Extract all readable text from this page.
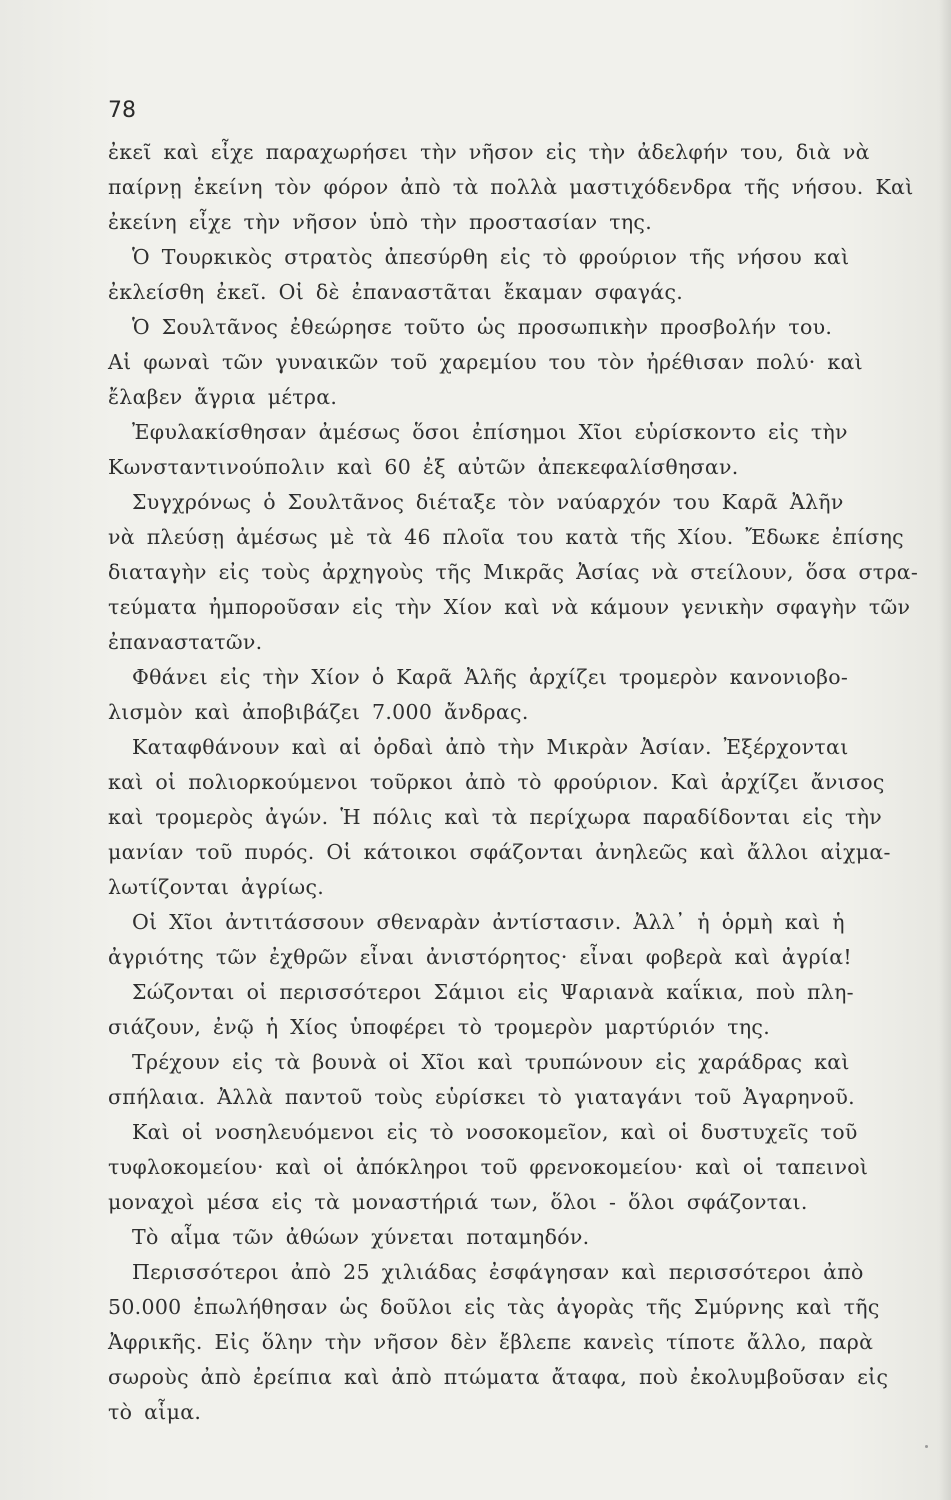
78
ἐκεῖ καὶ εἶχε παραχωρήσει τὴν νῆσον εἰς τὴν ἀδελφήν του, διὰ νὰ
παίρνῃ ἐκείνη τὸν φόρον ἀπὸ τὰ πολλὰ μαστιχόδενδρα τῆς νήσου. Καὶ
ἐκείνη εἶχε τὴν νῆσον ὑπὸ τὴν προστασίαν της.
Ὁ Τουρκικὸς στρατὸς ἀπεσύρθη εἰς τὸ φρούριον τῆς νήσου καὶ
ἐκλείσθη ἐκεῖ. Οἱ δὲ ἐπαναστᾶται ἔκαμαν σφαγάς.
Ὁ Σουλτᾶνος ἐθεώρησε τοῦτο ὡς προσωπικὴν προσβολήν του.
Αἱ φωναὶ τῶν γυναικῶν τοῦ χαρεμίου του τὸν ἠρέθισαν πολύ· καὶ
ἔλαβεν ἄγρια μέτρα.
Ἐφυλακίσθησαν ἀμέσως ὅσοι ἐπίσημοι Χῖοι εὑρίσκοντο εἰς τὴν
Κωνσταντινούπολιν καὶ 60 ἐξ αὐτῶν ἀπεκεφαλίσθησαν.
Συγχρόνως ὁ Σουλτᾶνος διέταξε τὸν ναύαρχόν του Καρᾶ Ἀλῆν
νὰ πλεύσῃ ἀμέσως μὲ τὰ 46 πλοῖα του κατὰ τῆς Χίου. Ἔδωκε ἐπίσης
διαταγὴν εἰς τοὺς ἀρχηγοὺς τῆς Μικρᾶς Ἀσίας νὰ στείλουν, ὅσα στρα-
τεύματα ἠμποροῦσαν εἰς τὴν Χίον καὶ νὰ κάμουν γενικὴν σφαγὴν τῶν
ἐπαναστατῶν.
Φθάνει εἰς τὴν Χίον ὁ Καρᾶ Ἀλῆς ἀρχίζει τρομερὸν κανονιοβο-
λισμὸν καὶ ἀποβιβάζει 7.000 ἄνδρας.
Καταφθάνουν καὶ αἱ ὀρδαὶ ἀπὸ τὴν Μικρὰν Ἀσίαν. Ἐξέρχονται
καὶ οἱ πολιορκούμενοι τοῦρκοι ἀπὸ τὸ φρούριον. Καὶ ἀρχίζει ἄνισος
καὶ τρομερὸς ἀγών. Ἡ πόλις καὶ τὰ περίχωρα παραδίδονται εἰς τὴν
μανίαν τοῦ πυρός. Οἱ κάτοικοι σφάζονται ἀνηλεῶς καὶ ἄλλοι αἰχμα-
λωτίζονται ἀγρίως.
Οἱ Χῖοι ἀντιτάσσουν σθεναρὰν ἀντίστασιν. Ἀλλ᾽ ἡ ὁρμὴ καὶ ἡ
ἀγριότης τῶν ἐχθρῶν εἶναι ἀνιστόρητος· εἶναι φοβερὰ καὶ ἀγρία!
Σώζονται οἱ περισσότεροι Σάμιοι εἰς Ψαριανὰ καΐκια, ποὺ πλη-
σιάζουν, ἐνῷ ἡ Χίος ὑποφέρει τὸ τρομερὸν μαρτύριόν της.
Τρέχουν εἰς τὰ βουνὰ οἱ Χῖοι καὶ τρυπώνουν εἰς χαράδρας καὶ
σπήλαια. Ἀλλὰ παντοῦ τοὺς εὑρίσκει τὸ γιαταγάνι τοῦ Ἀγαρηνοῦ.
Καὶ οἱ νοσηλευόμενοι εἰς τὸ νοσοκομεῖον, καὶ οἱ δυστυχεῖς τοῦ
τυφλοκομείου· καὶ οἱ ἀπόκληροι τοῦ φρενοκομείου· καὶ οἱ ταπεινοὶ
μοναχοὶ μέσα εἰς τὰ μοναστήριά των, ὅλοι - ὅλοι σφάζονται.
Τὸ αἷμα τῶν ἀθώων χύνεται ποταμηδόν.
Περισσότεροι ἀπὸ 25 χιλιάδας ἐσφάγησαν καὶ περισσότεροι ἀπὸ
50.000 ἐπωλήθησαν ὡς δοῦλοι εἰς τὰς ἀγορὰς τῆς Σμύρνης καὶ τῆς
Ἀφρικῆς. Εἰς ὅλην τὴν νῆσον δὲν ἔβλεπε κανεὶς τίποτε ἄλλο, παρὰ
σωροὺς ἀπὸ ἐρείπια καὶ ἀπὸ πτώματα ἄταφα, ποὺ ἐκολυμβοῦσαν εἰς
τὸ αἷμα.
